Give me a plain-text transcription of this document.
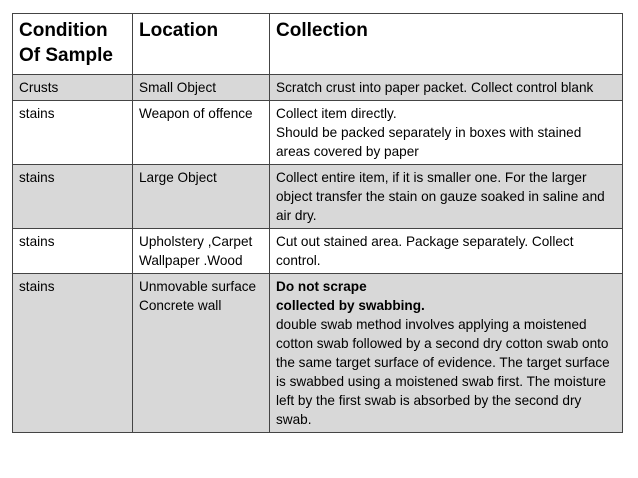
Condition Of Sample	Location	Collection
Crusts	Small Object	Scratch crust into paper packet. Collect control blank
stains	Weapon of offence	Collect item directly.
Should be packed separately in boxes with stained areas covered by paper

stains	Large Object	Collect entire item, if it is smaller one. For the larger object transfer the stain on gauze soaked in saline and air dry.
stains	Upholstery ,Carpet Wallpaper .Wood	Cut out stained area. Package separately. Collect control.
stains	Unmovable surface Concrete wall	Do not scrape
collected by swabbing.
double swab method involves applying a moistened cotton swab followed by a second dry cotton swab onto the same target surface of evidence. The target surface is swabbed using a moistened swab first. The moisture left by the first swab is absorbed by the second dry swab.
